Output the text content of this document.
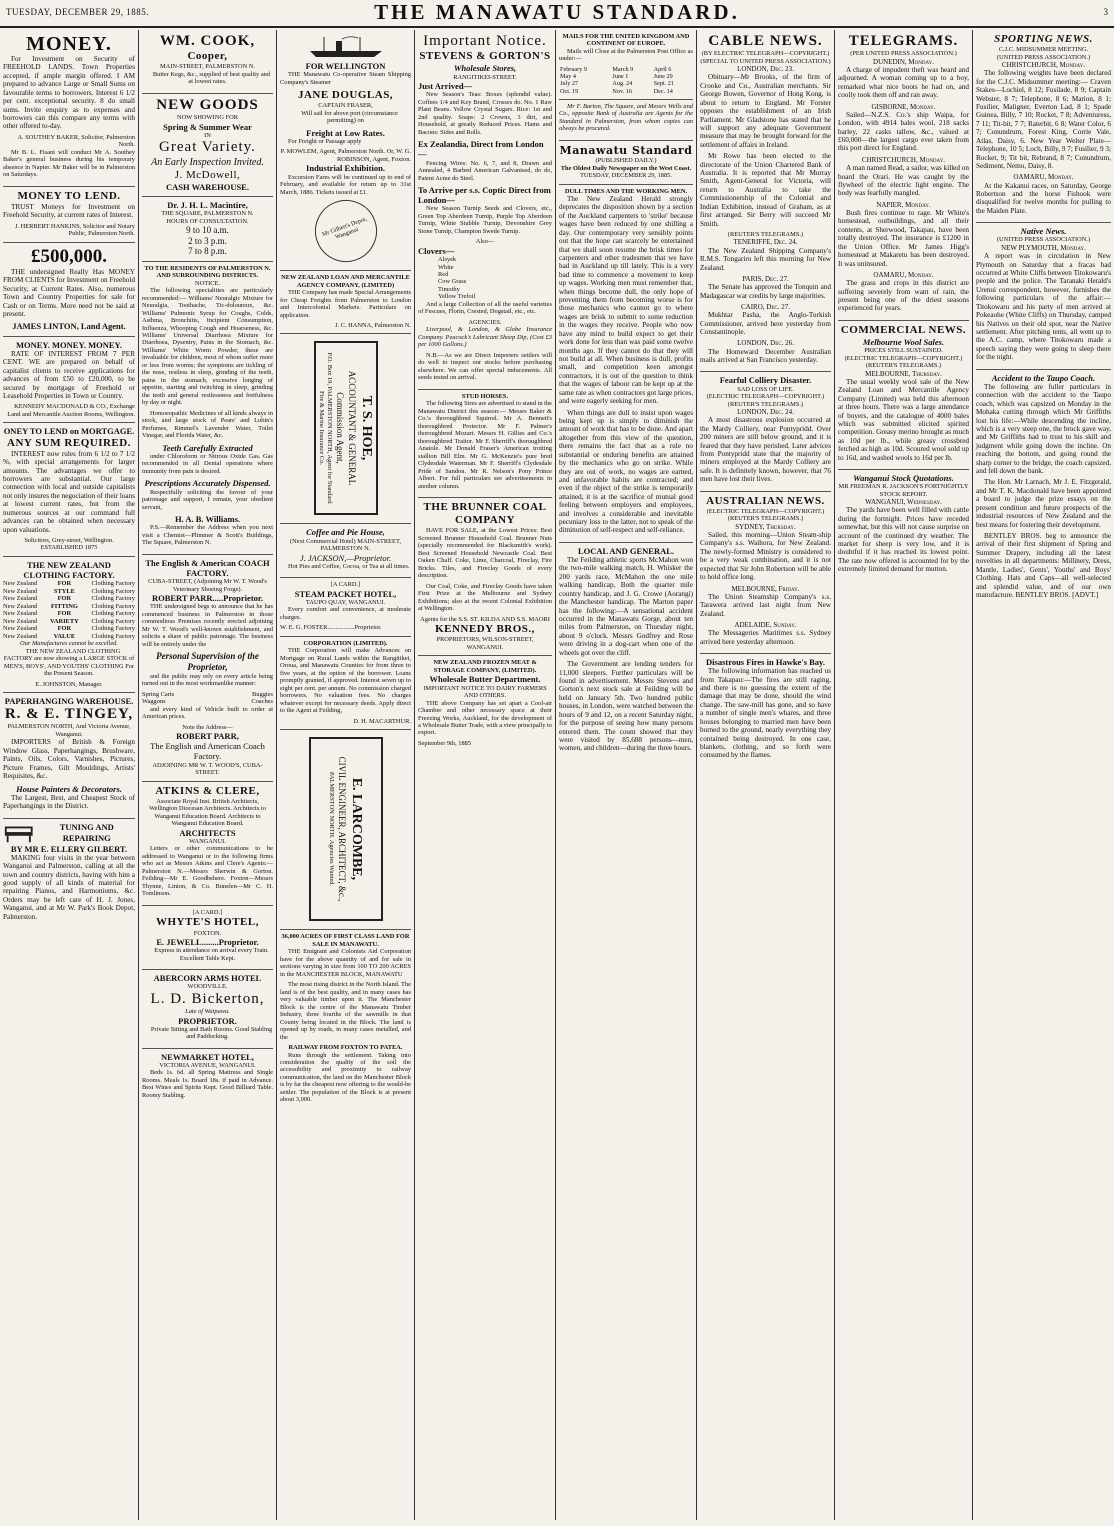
TUESDAY, DECEMBER 29, 1885.	THE MANAWATU STANDARD.	3
MONEY.

For Investment on Security of FREEHOLD LANDS. Town Properties accepted, if ample margin offered. I AM prepared to advance Large or Small Sums on favourable terms to borrowers. Interest 6 1/2 per cent. exceptional security. 8 do small sums. Invite enquiry as to expenses and borrowers can this compare any terms with other offered to-day.

A. SOUTHEY BAKER, Solicitor, Palmerston North.

Mr B. L. Fisani will conduct Mr A. Southey Baker's general business during his temporary absence in Napier. Mr Baker will be in Palmerston on Saturdays.

MONEY TO LEND.

TRUST Moneys for Investment on Freehold Security, at current rates of Interest.

J. HERBERT HANKINS, Solicitor and Notary Public, Palmerston North.
£500,000.

THE undersigned Really Has MONEY FROM CLIENTS for Investment on Freehold Security, at Current Rates. Also, numerous Town and Country Properties for sale for Cash or on Terms. More need not be said at present.

JAMES LINTON, Land Agent.
MONEY. MONEY. MONEY.

RATE OF INTEREST FROM 7 PER CENT. WE are prepared on behalf of capitalist clients to receive applications for advances of from £50 to £20,000, to be secured by mortgage of Freehold or Leasehold Properties in Town or Country.

KENNEDY MACDONALD & CO., Exchange Land and Mercantile Auction Rooms, Wellington.
ONEY TO LEND on MORTGAGE.
ANY SUM REQUIRED.

INTEREST now rules from 6 1/2 to 7 1/2 %, with special arrangements for larger amounts. The advantages we offer to borrowers are substantial. Our large connection with local and outside capitalists not only insures the negociation of their loans at lowest current rates, but from the numerous sources at our command full advances can be obtained when necessary upon valuations.

Solicitors, Grey-street, Wellington. ESTABLISHED 1875
THE NEW ZEALAND CLOTHING FACTORY.
New Zealand
New Zealand
New Zealand
New Zealand
New Zealand
New Zealand
New Zealand
New Zealand
FOR
STYLE
FOR
FITTING
FOR
VARIETY
FOR
VALUE
Clothing Factory
Clothing Factory
Clothing Factory
Clothing Factory
Clothing Factory
Clothing Factory
Clothing Factory
Clothing Factory
Our Manufactures cannot be excelled.

THE NEW ZEALAND CLOTHING FACTORY are now showing a LARGE STOCK of MEN'S, BOYS', AND YOUTHS' CLOTHING For the Present Season.

E. JOHNSTON, Manager.
PAPERHANGING WAREHOUSE.
R. & E. TINGEY,
PALMERSTON NORTH, And Victoria Avenue, Wanganui.

IMPORTERS of British & Foreign Window Glass, Paperhangings, Brushware, Paints, Oils, Colors, Varnishes, Pictures, Picture Frames, Gilt Mouldings, Artists' Requisites, &c.

House Painters & Decorators.

The Largest, Best, and Cheapest Stock of Paperhangings in the District.

TUNING AND REPAIRING
BY MR E. ELLERY GILBERT.

MAKING four visits in the year between Wanganui and Palmerston, calling at all the town and country districts, having with him a good supply of all kinds of material for repairing Pianos, and Harmoniums, &c. Orders may be left care of H. J. Jones, Wanganui, and at Mr W. Park's Book Depot, Palmerston.

WM. COOK,
Cooper,
MAIN-STREET, PALMERSTON N.

Butter Kegs, &c., supplied of best quality and at lowest rates.

NEW GOODS
NOW SHOWING FOR
Spring & Summer Wear
IN
Great Variety.
An Early Inspection Invited.
J. McDowell,
CASH WAREHOUSE.
Dr. J. H. L. Macintire,
THE SQUARE, PALMERSTON N.
HOURS OF CONSULTATION.
9 to 10 a.m.
2 to 3 p.m.
7 to 8 p.m.
TO THE RESIDENTS OF PALMERSTON N. AND SURROUNDING DISTRICTS.
NOTICE.

The following specialities are particularly recommended:— Williams' Neuralgic Mixture for Neuralgia, Toothache, Tic-doloureux, &c. Williams' Pulmonic Syrup for Coughs, Colds, Asthma, Bronchitis, Incipient Consumption, Influenza, Whooping Cough and Hoarseness, &c. Williams' Universal Diarrhoea Mixture for Diarrhoea, Dysentry, Pains in the Stomach, &c. Williams' White Worm Powder, these are invaluable for children, most of whom suffer more or less from worms; the symptoms are tickling of the nose, restless in sleep, grinding of the teeth, pains in the stomach, excessive longing of appetite, starting and twitching in sleep, grinding the teeth and general restlessness and fretfulness by day or night.

Homoeopathic Medicines of all kinds always in stock, and large stock of Pears' and Lubin's Perfumes, Rimmel's Lavender Water, Toilet Vinegar, and Florida Water, &c.

Teeth Carefully Extracted

under Chloroform or Nitrous Oxide Gas. Gas recommended in all Dental operations where immunity from pain is desired.

Prescriptions Accurately Dispensed.

Respectfully soliciting the favour of your patronage and support, I remain, your obedient servant,

H. A. B. Williams.

P.S.—Remember the Address when you next visit a Chemist—Plimmer & Scott's Buildings, The Square, Palmerston N.

The English & American COACH FACTORY.
CUBA-STREET, (Adjoining Mr W. T. Wood's Veterinary Shoeing Forge).
ROBERT PARR.....Proprietor.

THE undersigned begs to announce that he has commenced business in Palmerston in those commodious Premises recently erected adjoining Mr W. T. Wood's well-known establishment, and solicits a share of public patronage. The business will be entirely under the

Personal Supervision of the Proprietor,

and the public may rely on every article being turned out in the most workmanlike manner:

Spring Carts	Buggies
Waggons	Coaches

and every kind of Vehicle built to order at American prices.

Note the Address—
ROBERT PARR,
The English and American Coach Factory.
ADJOINING MR W. T. WOOD'S, CUBA-STREET.
ATKINS & CLERE,
Associate Royal Inst. British Architects, Wellington Diocesan Architects. Architects to Wanganui Education Board. Architects to Wanganui Education Board.
ARCHITECTS
WANGANUI.

Letters or other communications to be addressed to Wanganui or to the following firms who act as Messrs Atkins and Clere's Agents:— Palmerston N.—Messrs Sherwin & Gorton. Feilding—Mr E. Goodbehere. Foxton—Messrs Thynne, Linton, & Co. Bunelen—Mr C. H. Tomlinson.

[A CARD.]
WHYTE'S HOTEL,
FOXTON.
E. JEWELL........Proprietor.

Express in attendance on arrival every Train. Excellent Table Kept.

ABERCORN ARMS HOTEL
WOODVILLE.
L. D. Bickerton,
Late of Waipawa.
PROPRIETOR.

Private Sitting and Bath Rooms. Good Stabling and Paddocking.

NEWMARKET HOTEL,
VICTORIA AVENUE, WANGANUI.

Beds 1s. 6d. all Spring Mattress and Single Rooms. Meals 1s. Board 18s. if paid in Advance. Best Wines and Spirits Kept. Good Billiard Table. Roomy Stabling.

FOR WELLINGTON

THE Manawatu Co-operative Steam Shipping Company's Steamer

JANE DOUGLAS,
CAPTAIN FRASER,

Will sail for above port (circumstance permitting) on

Freight at Low Rates.

For Freight or Passage apply

P. MOWLEM, Agent, Palmerston North. Or, W. G. ROBINSON, Agent, Foxton.
Industrial Exhibition.

Excursion Fares will be continued up to end of February, and available for return up to 31st March, 1886. Tickets issued at £1.

Mr Gilbert's Depot, Wanganui
NEW ZEALAND LOAN AND MERCANTILE AGENCY COMPANY, (LIMITED)

THE Company has made Special Arrangements for Cheap Freights from Palmerston to London and Intercolonial Markets. Particulars on application.

J. C. HANNA, Palmerston N.
T. S. HOE,
ACCOUNTANT & GENERAL Commission Agent,
P.O. Box 19, PALMERSTON NORTH, Agent for Standard Fire & Marine Insurance Co.
Coffee and Pie House,
(Next Commercial Hotel) MAIN-STREET, PALMERSTON N.
J. JACKSON,—Proprietor.

Hot Pies and Coffee, Cocoa, or Tea at all times.

[A CARD.]
STEAM PACKET HOTEL,
TAUPO QUAY, WANGANUI.

Every comfort and convenience, at moderate charges.

W. E. G. FOSTER.................Proprietor.
CORPORATION (LIMITED).

THE Corporation will make Advances on Mortgage on Rural Lands within the Rangitikei, Oroua, and Manawatu Counties for from three to five years, at the option of the borrower. Loans promptly granted, if approved. Interest seven up to eight per cent. per annum. No commission charged borrowers. No valuation fees. No charges whatever except for necessary deeds. Apply direct to the Agent at Feilding,

D. H. MACARTHUR.
E. LARCOMBE,
CIVIL ENGINEER, ARCHITECT, &c.,
PALMERSTON NORTH. Agencies Wanted.
36,000 ACRES OF FIRST CLASS LAND FOR SALE IN MANAWATU.

THE Emigrant and Colonists Aid Corporation have for the above quantity of and for sale in sections varying in size from 100 TO 200 ACRES in the MANCHESTER BLOCK, MANAWATU

The most rising district in the North Island. The land is of the best quality, and in many cases has very valuable timber upon it. The Manchester Block is the centre of the Manawatu Timber Industry, three fourths of the sawmills in that County being located in the Block. The land is opened up by roads, in many cases metalled, and the

RAILWAY FROM FOXTON TO PATEA.

Runs through the settlement. Taking into consideration the quality of the soil the accessibility and proximity to railway communication, the land on the Manchester Block is by far the cheapest now offering to the would-be settler. The population of the Block is at present about 3,000.

Important Notice.
STEVENS & GORTON'S
Wholesale Stores,
RANGITIKEI-STREET.
Just Arrived—

New Season's Teas: Boxes (splendid value). Coffees 1/4 and Key Brand, Crosses do. No. 1 Raw Plant Beans. Yellow Crystal Sugars. Rice: 1st and 2nd quality. Soaps: 2 Crowns, 3 dirt, and Household, at greatly Reduced Prices. Hams and Bacons: Sides and Rolls.

Ex Zealandia, Direct from London—

Fencing Wires: No. 6, 7, and 8, Drawn and Annealed, 4 Barbed American Galvanised, do do, Patent Acme do Steel.

To Arrive per s.s. Coptic Direct from London—

New Season Turnip Seeds and Clovers, etc., Green Top Aberdeen Turnip, Purple Top Aberdeen Turnip, White Stubble Turnip, Devonshire Grey Stone Turnip, Champion Swede Turnip.

Also—
Clovers—
Alsyek
White
Red
Cow Grass
Timothy
Yellow Trefoil

And a large Collection of all the useful varieties of Fescues, Florin, Crested, Dogstail, etc., etc.

AGENCIES.

Liverpool, & London, & Globe Insurance Company. Peacock's Lubricant Sheep Dip, (Cost £3 per 1000 Gallons.)

N.B.—As we are Direct Importers settlers will do well to inspect our stocks before purchasing elsewhere. We can offer special inducements. All seeds tested on arrival.

STUD HORSES.

The following Sires are advertised to stand in the Manawatu District this season:— Messrs Baker & Co.'s thoroughbred Squirrel. Mr A. Bennett's thoroughbred Protector. Mr F. Palmer's thoroughbred Mozart. Messrs H. Gillies and Co.'s thoroughbred Traitor. Mr F. Sherriff's thoroughbred Anatole. Mr Donald Fraser's American trotting stallion Bill Elm. Mr G. McKenzie's pure bred Clydesdale Waterman. Mr F. Sherriff's Clydesdale Pride of Sandon. Mr R. Nelson's Pony Prince Albert. For full particulars see advertisements in another column.

THE BRUNNER COAL COMPANY

HAVE FOR SALE, at the Lowest Prices: Best Screened Brunner Household Coal. Brunner Nuts (specially recommended for Blacksmith's work). Best Screened Household Newcastle Coal. Best Oaken Chaff. Coke, Lime, Charcoal, Fireclay, Fire Bricks. Tiles, and Fireclay Goods of every description.

Our Coal, Coke, and Fireclay Goods have taken First Prize at the Melbourne and Sydney Exhibitions; also at the recent Colonial Exhibition at Wellington.

Agents for the S.S. ST. KILDA AND S.S. MAORI
KENNEDY BROS.,
PROPRIETORS, WILSON-STREET, WANGANUI.
NEW ZEALAND FROZEN MEAT & STORAGE COMPANY, (LIMITED).
Wholesale Butter Department.
IMPORTANT NOTICE TO DAIRY FARMERS AND OTHERS.

THE above Company has set apart a Cool-air Chamber and other necessary space at their Freezing Works, Auckland, for the development of a Wholesale Butter Trade, with a view principally to export.

September 9th, 1885
MAILS FOR THE UNITED KINGDOM AND CONTINENT OF EUROPE.

Mails will Close at the Palmerston Post Office as under:—

February 9	March 9	April 6
May 4	June 1	June 29
July 27	Aug. 24	Sept. 21
Oct. 19	Nov. 16	Dec. 14

Mr F. Barton, The Square, and Messrs Wells and Co., opposite Bank of Australia are Agents for the Standard in Palmerston, from whom copies can always be procured.

Manawatu Standard
(PUBLISHED DAILY.)
The Oldest Daily Newspaper on the West Coast.
TUESDAY, DECEMBER 29, 1885.
DULL TIMES AND THE WORKING MEN.

The New Zealand Herald strongly deprecates the disposition shown by a section of the Auckland carpenters to 'strike' because wages have been reduced by one shilling a day. Our contemporary very sensibly points out that the hope can scarcely be entertained that we shall soon resume the brisk times for carpenters and other tradesmen that we have had in Auckland up till lately. This is a very bad time to commence a movement to keep up wages. Working men must remember that, when things become dull, the only hope of preventing them from becoming worse is for those mechanics who cannot go to where wages are brisk to submit to some reduction in the wages they receive. People who now have any mind to build expect to get their work done for less than was paid some twelve months ago. If they cannot do that they will not build at all. When business is dull, profits small, and competition keen amongst contractors, it is out of the question to think that the wages of labour can be kept up at the same rate as when contractors got large prices, and were eagerly seeking for men.

When things are dull to insist upon wages being kept up is simply to diminish the amount of work that has to be done. And apart altogether from this view of the question, there remains the fact that as a rule no substantial or enduring benefits are attained by the mechanics who go on strike. While they are out of work, no wages are earned, and unfavorable habits are contracted; and even if the object of the strike is temporarily attained, it is at the sacrifice of mutual good feeling between employers and employees, and involves a considerable and inevitable pecuniary loss to the latter, not to speak of the diminution of self-respect and self-reliance.

LOCAL AND GENERAL.

The Feilding athletic sports McMahon won the two-mile walking match, H. Whisker the 200 yards race, McMahon the one mile walking handicap, Both the quarter mile country handicap, and J. G. Crowe (Aorangi) the Manchester handicap. The Marton paper has the following:—A sensational accident occurred in the Manawatu Gorge, about ten miles from Palmerston, on Thursday night, about 9 o'clock. Messrs Godfrey and Rose were driving in a dog-cart when one of the wheels got over the cliff.

The Government are lending tenders for 11,000 sleepers. Further particulars will be found in advertisement. Messrs Stevens and Gorton's next stock sale at Feilding will be held on January 5th. Two hundred public houses, in London, were watched between the hours of 9 and 12, on a recent Saturday night, for the purpose of seeing how many persons entered them. The count showed that they were visited by 85,688 persons—men, women, and children—during the three hours.

CABLE NEWS.
(BY ELECTRIC TELEGRAPH—COPYRIGHT.) (SPECIAL TO UNITED PRESS ASSOCIATION.)
LONDON, Dec. 23.

Obituary—Mr Brooks, of the firm of Crooke and Co., Australian merchants. Sir George Bowen, Governor of Hong Kong, is about to return to England. Mr Forster opposes the establishment of an Irish Parliament. Mr Gladstone has stated that he will support any adequate Government measure that may be brought forward for the settlement of affairs in Ireland.

Mr Rowe has been elected to the directorate of the Union Chartered Bank of Australia. It is reported that Mr Murray Smith, Agent-General for Victoria, will return to Australia to take the Commissionership of the Colonial and Indian Exhibition, instead of Graham, as at first arranged. Sir Berry will succeed Mr Smith.

(REUTER'S TELEGRAMS.)
TENERIFFE, Dec. 24.

The New Zealand Shipping Company's R.M.S. Tongariro left this morning for New Zealand.

PARIS, Dec. 27.

The Senate has approved the Tonquin and Madagascar war credits by large majorities.

CAIRO, Dec. 27.

Mukhtar Pasha, the Anglo-Turkish Commissioner, arrived here yesterday from Constantinople.

LONDON, Dec. 26.

The Homeward December Australian mails arrived at San Francisco yesterday.

Fearful Colliery Disaster.
SAD LOSS OF LIFE.
(ELECTRIC TELEGRAPH—COPYRIGHT.) (REUTER'S TELEGRAMS.)
LONDON, Dec. 24.

A most disastrous explosion occurred at the Mardy Colliery, near Pontypridd. Over 200 miners are still below ground, and it is feared that they have perished. Later advices from Pontypridd state that the majority of miners employed at the Mardy Colliery are safe. It is definitely known, however, that 76 men have lost their lives.

AUSTRALIAN NEWS.
(ELECTRIC TELEGRAPH—COPYRIGHT.) (REUTER'S TELEGRAMS.)
SYDNEY, Thursday.

Sailed, this morning—Union Steam-ship Company's s.s. Waihora, for New Zealand. The newly-formed Ministry is considered to be a very weak combination, and it is not expected that Sir John Robertson will be able to hold office long.

MELBOURNE, Friday.

The Union Steamship Company's s.s. Tarawera arrived last night from New Zealand.

ADELAIDE, Sunday.

The Messageries Maritimes s.s. Sydney arrived here yesterday afternoon.

Disastrous Fires in Hawke's Bay.

The following information has reached us from Takapau:—The fires are still raging, and there is no guessing the extent of the damage that may be done, should the wind change. The saw-mill has gone, and so have a number of single men's whares, and three houses belonging to married men have been burned to the ground, nearly everything they contained being destroyed. In one case, blankets, clothing, and so forth were consumed by the flames.

TELEGRAMS.
(PER UNITED PRESS ASSOCIATION.)
DUNEDIN, Monday.

A charge of impudent theft was heard and adjourned. A woman coming up to a boy, remarked what nice boots he had on, and coolly took them off and ran away.

GISBORNE, Monday.

Sailed—N.Z.S. Co.'s ship Waipa, for London, with 4914 bales wool, 218 sacks barley, 22 casks tallow, &c., valued at £60,000—the largest cargo ever taken from this port direct for England.

CHRISTCHURCH, Monday.

A man named Read, a sailor, was killed on board the Orari. He was caught by the flywheel of the electric light engine. The body was fearfully mangled.

NAPIER, Monday.

Bush fires continue to rage. Mr White's homestead, outbuildings, and all their contents, at Sherwood, Takapau, have been totally destroyed. The insurance is £1200 in the Union Office. Mr James Higg's homestead at Makaretu has been destroyed. It was uninsured.

OAMARU, Monday.

The grass and crops in this district are suffering severely from want of rain, the present being one of the driest seasons experienced for years.

COMMERCIAL NEWS.
Melbourne Wool Sales.
PRICES STILL SUSTAINED.
(ELECTRIC TELEGRAPH—COPYRIGHT.) (REUTER'S TELEGRAMS.)
MELBOURNE, Thursday.

The usual weekly wool sale of the New Zealand Loan and Mercantile Agency Company (Limited) was held this afternoon at three hours. There was a large attendance of buyers, and the catalogue of 4000 bales which was submitted elicited spirited competition. Greasy merino brought as much as 10d per lb., while greasy crossbred fetched as high as 10d. Scoured wool sold up to 16d, and washed wools to 16d per lb.

Wanganui Stock Quotations.
MR FREEMAN R. JACKSON'S FORTNIGHTLY STOCK REPORT.
WANGANUI, Wednesday.

The yards have been well filled with cattle during the fortnight. Prices have receded somewhat, but this will not cause surprise on account of the continued dry weather. The market for sheep is very low, and it is doubtful if it has reached its lowest point. The rate now offered is accounted for by the extremely limited demand for mutton.

SPORTING NEWS.
C.J.C. MIDSUMMER MEETING.
(UNITED PRESS ASSOCIATION.)
CHRISTCHURCH, Monday.

The following weights have been declared for the C.J.C. Midsummer meeting:— Craven Stakes—Lochiel, 8 12; Fusilade, 8 9; Captain Webster, 8 7; Telephone, 8 6; Marion, 8 1; Fusilier, Maligner, Everton Lad, 8 1; Spade Guinea, Billy, 7 10; Rocket, 7 8; Adventuress, 7 11; Tit-bit, 7 7; Raterbit, 6 8; Water Color, 6 7; Conundrum, Forest King, Corrie Vale, Atlas, Daisy, 6. New Year Welter Plate—Telephone, 10 5; Loch, Billy, 9 7; Fusilier, 9 3; Rocket, 9; Tit bit, Rebrand, 8 7; Conundrum, Sediment, Nemo, Daisy, 8.

OAMARU, Monday.

At the Kakanui races, on Saturday, George Robertson and the horse Fishook were disqualified for twelve months for pulling to the Maiden Plate.

Native News.
(UNITED PRESS ASSOCIATION.)
NEW PLYMOUTH, Monday.

A report was in circulation in New Plymouth on Saturday that a fracas had occurred at White Cliffs between Titokowaru's people and the police. The Taranaki Herald's Urenui correspondent, however, furnishes the following particulars of the affair:—Titokowaru and his party of men arrived at Pokeaohe (White Cliffs) on Thursday, camped his Natives on their old spot, near the Native settlement. After pitching tents, all went up to the A.C. camp, where Titokowaru made a speech saying they were going to sleep there for the night.

Accident to the Taupo Coach.

The following are fuller particulars in connection with the accident to the Taupo coach, which was capsized on Monday in the Mohaka cutting through which Mr Griffiths lost his life:—While descending the incline, which is a very steep one, the brock gave way, and Mr Griffiths had to trust to his skill and judgment while going down the incline. On reaching the bottom, and going round the sharp corner to the bridge, the coach capsized, and fell down the bank.

The Hon. Mr Larnach, Mr J. E. Fitzgerald, and Mr T. K. Macdonald have been appointed a board to judge the prize essays on the present condition and future prospects of the industrial resources of New Zealand and the best means for fostering their development.

BENTLEY BROS. beg to announce the arrival of their first shipment of Spring and Summer Drapery, including all the latest novelties in all departments: Millinery, Dress, Mantle, Ladies', Gents', Youths' and Boys' Clothing. Hats and Caps—all well-selected and splendid value, and of our own manufacture. BENTLEY BROS. [ADVT.]
